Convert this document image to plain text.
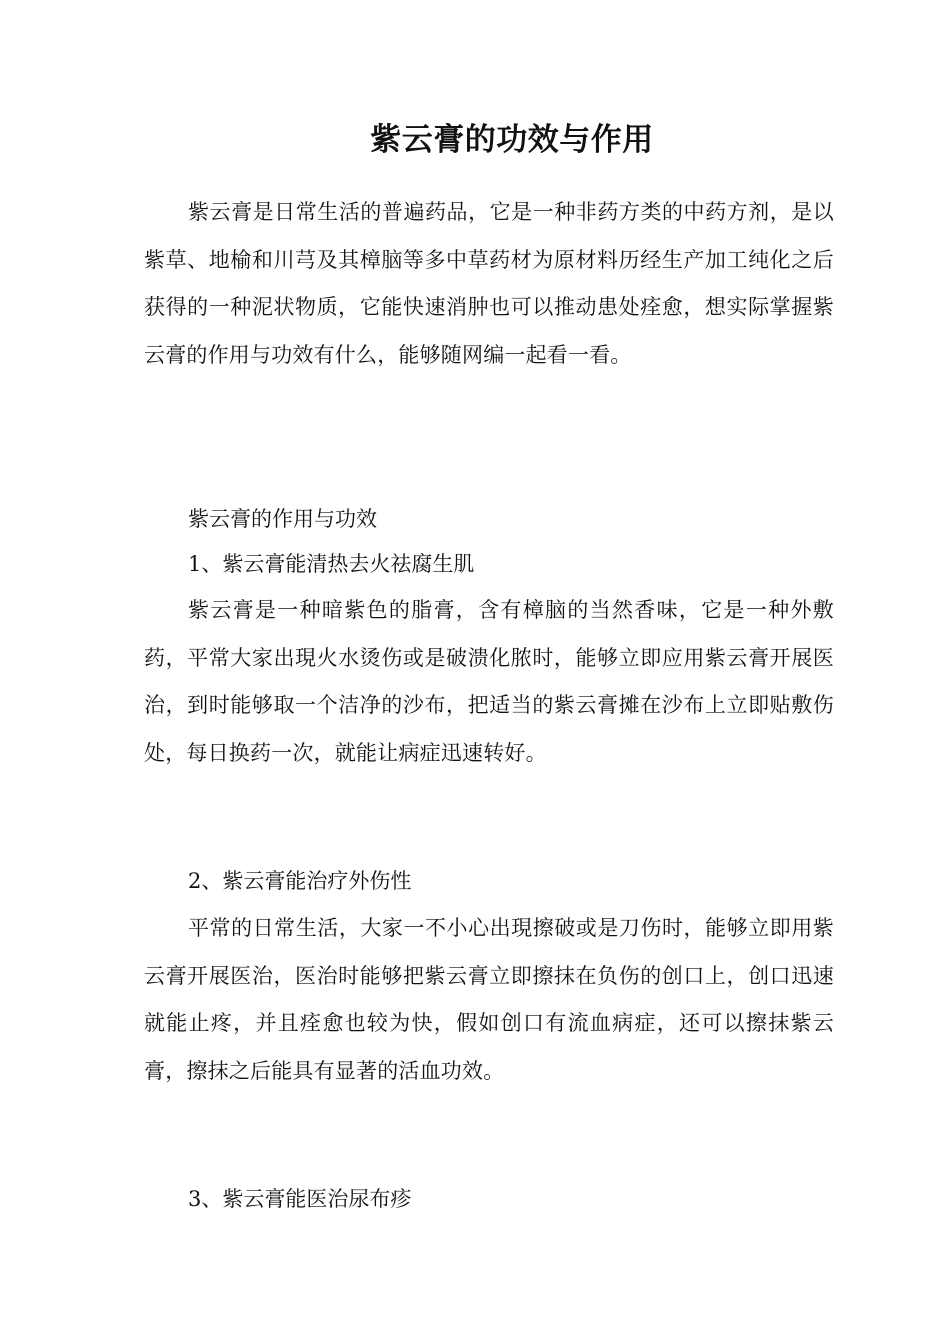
紫云膏的功效与作用

紫云膏是日常生活的普遍药品，它是一种非药方类的中药方剂，是以紫草、地榆和川芎及其樟脑等多中草药材为原材料历经生产加工纯化之后获得的一种泥状物质，它能快速消肿也可以推动患处痊愈，想实际掌握紫云膏的作用与功效有什么，能够随网编一起看一看。

紫云膏的作用与功效

1、紫云膏能清热去火祛腐生肌

紫云膏是一种暗紫色的脂膏，含有樟脑的当然香味，它是一种外敷药，平常大家出現火水烫伤或是破溃化脓时，能够立即应用紫云膏开展医治，到时能够取一个洁净的沙布，把适当的紫云膏摊在沙布上立即贴敷伤处，每日换药一次，就能让病症迅速转好。

2、紫云膏能治疗外伤性

平常的日常生活，大家一不小心出現擦破或是刀伤时，能够立即用紫云膏开展医治，医治时能够把紫云膏立即擦抹在负伤的创口上，创口迅速就能止疼，并且痊愈也较为快，假如创口有流血病症，还可以擦抹紫云膏，擦抹之后能具有显著的活血功效。

3、紫云膏能医治尿布疹
